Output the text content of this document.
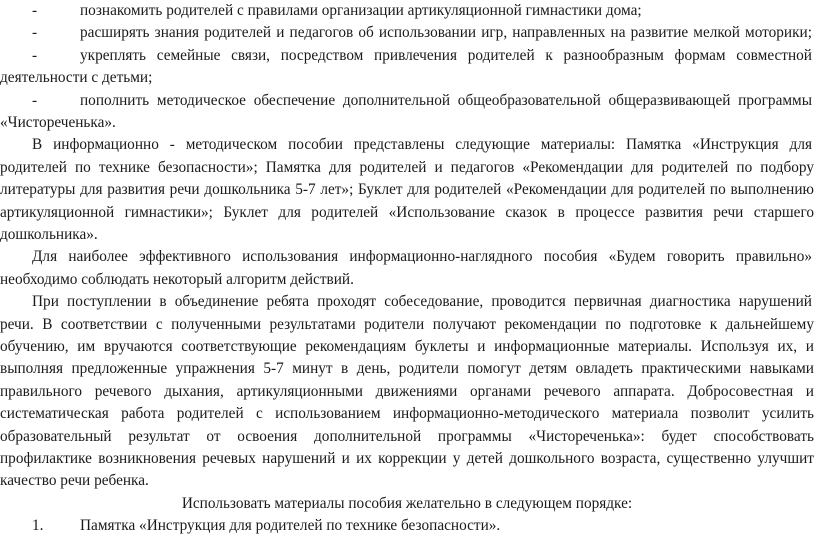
-	познакомить родителей с правилами организации артикуляционной гимнастики дома;
-	расширять знания родителей и педагогов об использовании игр, направленных на развитие мелкой моторики;
-	укреплять семейные связи, посредством привлечения родителей к разнообразным формам совместной
деятельности с детьми;
-	пополнить методическое обеспечение дополнительной общеобразовательной общеразвивающей программы
«Чистореченька».
В информационно - методическом пособии представлены следующие материалы: Памятка «Инструкция для
родителей по технике безопасности»; Памятка для родителей и педагогов «Рекомендации для родителей по подбору
литературы для развития речи дошкольника 5-7 лет»; Буклет для родителей «Рекомендации для родителей по выполнению
артикуляционной гимнастики»; Буклет для родителей «Использование сказок в процессе развития речи старшего
дошкольника».
Для наиболее эффективного использования информационно-наглядного пособия «Будем говорить правильно»
необходимо соблюдать некоторый алгоритм действий.
При поступлении в объединение ребята проходят собеседование, проводится первичная диагностика нарушений
речи. В соответствии с полученными результатами родители получают рекомендации по подготовке к дальнейшему
обучению, им вручаются соответствующие рекомендациям буклеты и информационные материалы. Используя их, и
выполняя предложенные упражнения 5-7 минут в день, родители помогут детям овладеть практическими навыками
правильного речевого дыхания, артикуляционными движениями органами речевого аппарата. Добросовестная и
систематическая работа родителей с использованием информационно-методического материала позволит усилить
образовательный результат от освоения дополнительной программы «Чистореченька»: будет способствовать
профилактике возникновения речевых нарушений и их коррекции у детей дошкольного возраста, существенно улучшит
качество речи ребенка.
Использовать материалы пособия желательно в следующем порядке:
1. Памятка «Инструкция для родителей по технике безопасности».
